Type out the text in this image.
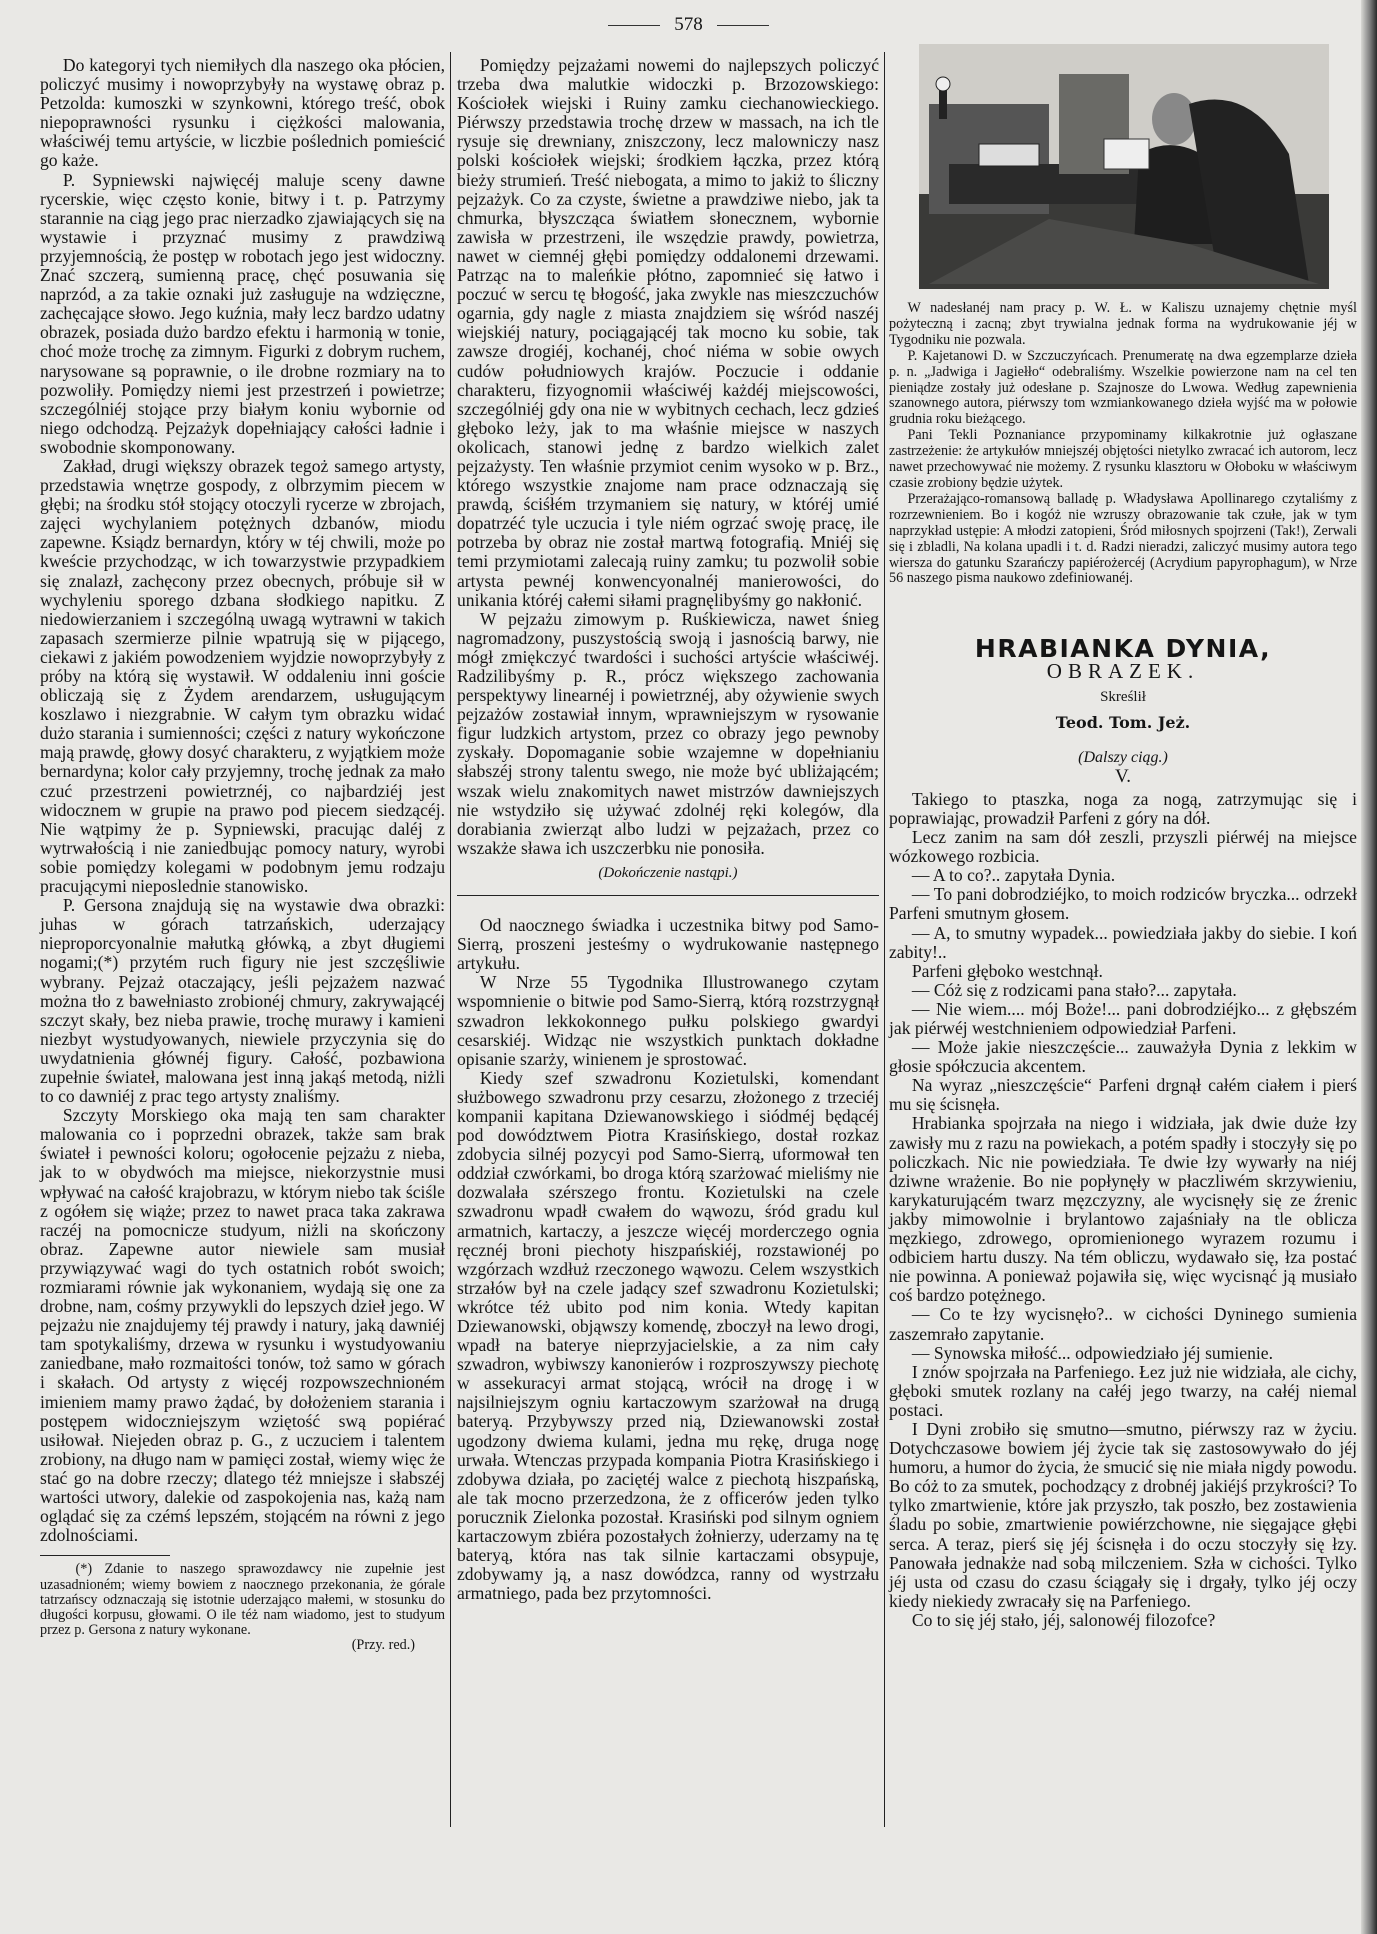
578

Do kategoryi tych niemiłych dla naszego oka płócien, policzyć musimy i nowoprzybyły na wystawę obraz p. Petzolda: kumoszki w szynkowni, którego treść, obok niepoprawności rysunku i ciężkości malowania, właściwéj temu artyście, w liczbie poślednich pomieścić go każe.

P. Sypniewski najwięcéj maluje sceny dawne rycerskie, więc często konie, bitwy i t. p. Patrzymy starannie na ciąg jego prac nierzadko zjawiających się na wystawie i przyznać musimy z prawdziwą przyjemnością, że postęp w robotach jego jest widoczny. Znać szczerą, sumienną pracę, chęć posuwania się naprzód, a za takie oznaki już zasługuje na wdzięczne, zachęcające słowo. Jego kuźnia, mały lecz bardzo udatny obrazek, posiada dużo bardzo efektu i harmonią w tonie, choć może trochę za zimnym. Figurki z dobrym ruchem, narysowane są poprawnie, o ile drobne rozmiary na to pozwoliły. Pomiędzy niemi jest przestrzeń i powietrze; szczególniéj stojące przy białym koniu wybornie od niego odchodzą. Pejzażyk dopełniający całości ładnie i swobodnie skomponowany.

Zakład, drugi większy obrazek tegoż samego artysty, przedstawia wnętrze gospody, z olbrzymim piecem w głębi; na środku stół stojący otoczyli rycerze w zbrojach, zajęci wychylaniem potężnych dzbanów, miodu zapewne. Ksiądz bernardyn, który w téj chwili, może po kweście przychodząc, w ich towarzystwie przypadkiem się znalazł, zachęcony przez obecnych, próbuje sił w wychyleniu sporego dzbana słodkiego napitku. Z niedowierzaniem i szczególną uwagą wytrawni w takich zapasach szermierze pilnie wpatrują się w pijącego, ciekawi z jakiém powodzeniem wyjdzie nowoprzybyły z próby na którą się wystawił. W oddaleniu inni goście obliczają się z Żydem arendarzem, usługującym koszlawo i niezgrabnie. W całym tym obrazku widać dużo starania i sumienności; części z natury wykończone mają prawdę, głowy dosyć charakteru, z wyjątkiem może bernardyna; kolor cały przyjemny, trochę jednak za mało czuć przestrzeni powietrznéj, co najbardziéj jest widocznem w grupie na prawo pod piecem siedzącéj. Nie wątpimy że p. Sypniewski, pracując daléj z wytrwałością i nie zaniedbując pomocy natury, wyrobi sobie pomiędzy kolegami w podobnym jemu rodzaju pracującymi nieposlednie stanowisko.

P. Gersona znajdują się na wystawie dwa obrazki: juhas w górach tatrzańskich, uderzający nieproporcyonalnie małutką główką, a zbyt długiemi nogami;(*) przytém ruch figury nie jest szczęśliwie wybrany. Pejzaż otaczający, jeśli pejzażem nazwać można tło z bawełniasto zrobionéj chmury, zakrywającéj szczyt skały, bez nieba prawie, trochę murawy i kamieni niezbyt wystudyowanych, niewiele przyczynia się do uwydatnienia głównéj figury. Całość, pozbawiona zupełnie świateł, malowana jest inną jakąś metodą, niżli to co dawniéj z prac tego artysty znaliśmy.

Szczyty Morskiego oka mają ten sam charakter malowania co i poprzedni obrazek, także sam brak świateł i pewności koloru; ogołocenie pejzażu z nieba, jak to w obydwóch ma miejsce, niekorzystnie musi wpływać na całość krajobrazu, w którym niebo tak ściśle z ogółem się wiąże; przez to nawet praca taka zakrawa raczéj na pomocnicze studyum, niżli na skończony obraz. Zapewne autor niewiele sam musiał przywiązywać wagi do tych ostatnich robót swoich; rozmiarami równie jak wykonaniem, wydają się one za drobne, nam, cośmy przywykli do lepszych dzieł jego. W pejzażu nie znajdujemy téj prawdy i natury, jaką dawniéj tam spotykaliśmy, drzewa w rysunku i wystudyowaniu zaniedbane, mało rozmaitości tonów, toż samo w górach i skałach. Od artysty z więcéj rozpowszechnioném imieniem mamy prawo żądać, by dołożeniem starania i postępem widoczniejszym wziętość swą popiérać usiłował. Niejeden obraz p. G., z uczuciem i talentem zrobiony, na długo nam w pamięci został, wiemy więc że stać go na dobre rzeczy; dlatego téż mniejsze i słabszéj wartości utwory, dalekie od zaspokojenia nas, każą nam oglądać się za czémś lepszém, stojącém na równi z jego zdolnościami.

(*) Zdanie to naszego sprawozdawcy nie zupełnie jest uzasadnioném; wiemy bowiem z naocznego przekonania, że górale tatrzańscy odznaczają się istotnie uderzająco małemi, w stosunku do długości korpusu, głowami. O ile téż nam wiadomo, jest to studyum przez p. Gersona z natury wykonane.

(Przy. red.)

Pomiędzy pejzażami nowemi do najlepszych policzyć trzeba dwa malutkie widoczki p. Brzozowskiego: Kościołek wiejski i Ruiny zamku ciechanowieckiego. Piérwszy przedstawia trochę drzew w massach, na ich tle rysuje się drewniany, zniszczony, lecz malowniczy nasz polski kościołek wiejski; środkiem łączka, przez którą bieży strumień. Treść niebogata, a mimo to jakiż to śliczny pejzażyk. Co za czyste, świetne a prawdziwe niebo, jak ta chmurka, błyszcząca światłem słonecznem, wybornie zawisła w przestrzeni, ile wszędzie prawdy, powietrza, nawet w ciemnéj głębi pomiędzy oddalonemi drzewami. Patrząc na to maleńkie płótno, zapomnieć się łatwo i poczuć w sercu tę błogość, jaka zwykle nas mieszczuchów ogarnia, gdy nagle z miasta znajdziem się wśród naszéj wiejskiéj natury, pociągającéj tak mocno ku sobie, tak zawsze drogiéj, kochanéj, choć niéma w sobie owych cudów południowych krajów. Poczucie i oddanie charakteru, fizyognomii właściwéj każdéj miejscowości, szczególniéj gdy ona nie w wybitnych cechach, lecz gdzieś głęboko leży, jak to ma właśnie miejsce w naszych okolicach, stanowi jednę z bardzo wielkich zalet pejzażysty. Ten właśnie przymiot cenim wysoko w p. Brz., którego wszystkie znajome nam prace odznaczają się prawdą, ściśłém trzymaniem się natury, w któréj umié dopatrzéć tyle uczucia i tyle niém ogrzać swoję pracę, ile potrzeba by obraz nie został martwą fotografią. Mniéj się temi przymiotami zalecają ruiny zamku; tu pozwolił sobie artysta pewnéj konwencyonalnéj manierowości, do unikania któréj całemi siłami pragnęlibyśmy go nakłonić.

W pejzażu zimowym p. Ruśkiewicza, nawet śnieg nagromadzony, puszystością swoją i jasnością barwy, nie mógł zmiękczyć twardości i suchości artyście właściwéj. Radzilibyśmy p. R., prócz większego zachowania perspektywy linearnéj i powietrznéj, aby ożywienie swych pejzażów zostawiał innym, wprawniejszym w rysowanie figur ludzkich artystom, przez co obrazy jego pewnoby zyskały. Dopomaganie sobie wzajemne w dopełnianiu słabszéj strony talentu swego, nie może być ubliżającém; wszak wielu znakomitych nawet mistrzów dawniejszych nie wstydziło się używać zdolnéj ręki kolegów, dla dorabiania zwierząt albo ludzi w pejzażach, przez co wszakże sława ich uszczerbku nie ponosiła.

(Dokończenie nastąpi.)

Od naocznego świadka i uczestnika bitwy pod Samo-Sierrą, proszeni jesteśmy o wydrukowanie następnego artykułu.

W Nrze 55 Tygodnika Illustrowanego czytam wspomnienie o bitwie pod Samo-Sierrą, którą rozstrzygnął szwadron lekkokonnego pułku polskiego gwardyi cesarskiéj. Widząc nie wszystkich punktach dokładne opisanie szarży, winienem je sprostować.

Kiedy szef szwadronu Kozietulski, komendant służbowego szwadronu przy cesarzu, złożonego z trzeciéj kompanii kapitana Dziewanowskiego i siódméj będącéj pod dowództwem Piotra Krasińskiego, dostał rozkaz zdobycia silnéj pozycyi pod Samo-Sierrą, uformował ten oddział czwórkami, bo droga którą szarżować mieliśmy nie dozwalała szérszego frontu. Kozietulski na czele szwadronu wpadł cwałem do wąwozu, śród gradu kul armatnich, kartaczy, a jeszcze więcéj morderczego ognia ręcznéj broni piechoty hiszpańskiéj, rozstawionéj po wzgórzach wzdłuż rzeczonego wąwozu. Celem wszystkich strzałów był na czele jadący szef szwadronu Kozietulski; wkrótce téż ubito pod nim konia. Wtedy kapitan Dziewanowski, objąwszy komendę, zboczył na lewo drogi, wpadł na baterye nieprzyjacielskie, a za nim cały szwadron, wybiwszy kanonierów i rozproszywszy piechotę w assekuracyi armat stojącą, wrócił na drogę i w najsilniejszym ogniu kartaczowym szarżował na drugą bateryą. Przybywszy przed nią, Dziewanowski został ugodzony dwiema kulami, jedna mu rękę, druga nogę urwała. Wtenczas przypada kompania Piotra Krasińskiego i zdobywa działa, po zaciętéj walce z piechotą hiszpańską, ale tak mocno przerzedzona, że z officerów jeden tylko porucznik Zielonka pozostał. Krasiński pod silnym ogniem kartaczowym zbiéra pozostałych żołnierzy, uderzamy na tę bateryą, która nas tak silnie kartaczami obsypuje, zdobywamy ją, a nasz dowódzca, ranny od wystrzału armatniego, pada bez przytomności.

W nadesłanéj nam pracy p. W. Ł. w Kaliszu uznajemy chętnie myśl pożyteczną i zacną; zbyt trywialna jednak forma na wydrukowanie jéj w Tygodniku nie pozwala.

P. Kajetanowi D. w Szczuczyńcach. Prenumeratę na dwa egzemplarze dzieła p. n. „Jadwiga i Jagiełło“ odebraliśmy. Wszelkie powierzone nam na cel ten pieniądze zostały już odesłane p. Szajnosze do Lwowa. Według zapewnienia szanownego autora, piérwszy tom wzmiankowanego dzieła wyjść ma w połowie grudnia roku bieżącego.

Pani Tekli Poznaniance przypominamy kilkakrotnie już ogłaszane zastrzeżenie: że artykułów mniejszéj objętości nietylko zwracać ich autorom, lecz nawet przechowywać nie możemy. Z rysunku klasztoru w Ołoboku w właściwym czasie zrobiony będzie użytek.

Przerażająco-romansową balladę p. Władysława Apollinarego czytaliśmy z rozrzewnieniem. Bo i kogóż nie wzruszy obrazowanie tak czułe, jak w tym naprzykład ustępie: A młodzi zatopieni, Śród miłosnych spojrzeni (Tak!), Zerwali się i zbladli, Na kolana upadli i t. d. Radzi nieradzi, zaliczyć musimy autora tego wiersza do gatunku Szarańczy papiérożercéj (Acrydium papyrophagum), w Nrze 56 naszego pisma naukowo zdefiniowanéj.

HRABIANKA DYNIA,
OBRAZEK.
Skreślił
Teod. Tom. Jeż.
(Dalszy ciąg.)
V.

Takiego to ptaszka, noga za nogą, zatrzymując się i poprawiając, prowadził Parfeni z góry na dół.

Lecz zanim na sam dół zeszli, przyszli piérwéj na miejsce wózkowego rozbicia.

— A to co?.. zapytała Dynia.

— To pani dobrodziéjko, to moich rodziców bryczka... odrzekł Parfeni smutnym głosem.

— A, to smutny wypadek... powiedziała jakby do siebie. I koń zabity!..

Parfeni głęboko westchnął.

— Cóż się z rodzicami pana stało?... zapytała.

— Nie wiem.... mój Boże!... pani dobrodziéjko... z głębszém jak piérwéj westchnieniem odpowiedział Parfeni.

— Może jakie nieszczęście... zauważyła Dynia z lekkim w głosie spółczucia akcentem.

Na wyraz „nieszczęście“ Parfeni drgnął całém ciałem i pierś mu się ścisnęła.

Hrabianka spojrzała na niego i widziała, jak dwie duże łzy zawisły mu z razu na powiekach, a potém spadły i stoczyły się po policzkach. Nic nie powiedziała. Te dwie łzy wywarły na niéj dziwne wrażenie. Bo nie popłynęły w płaczliwém skrzywieniu, karykaturującém twarz męzczyzny, ale wycisnęły się ze źrenic jakby mimowolnie i brylantowo zajaśniały na tle oblicza męzkiego, zdrowego, opromienionego wyrazem rozumu i odbiciem hartu duszy. Na tém obliczu, wydawało się, łza postać nie powinna. A ponieważ pojawiła się, więc wycisnąć ją musiało coś bardzo potężnego.

— Co te łzy wycisnęło?.. w cichości Dyninego sumienia zaszemrało zapytanie.

— Synowska miłość... odpowiedziało jéj sumienie.

I znów spojrzała na Parfeniego. Łez już nie widziała, ale cichy, głęboki smutek rozlany na całéj jego twarzy, na całéj niemal postaci.

I Dyni zrobiło się smutno—smutno, piérwszy raz w życiu. Dotychczasowe bowiem jéj życie tak się zastosowywało do jéj humoru, a humor do życia, że smucić się nie miała nigdy powodu. Bo cóż to za smutek, pochodzący z drobnéj jakiéjś przykrości? To tylko zmartwienie, które jak przyszło, tak poszło, bez zostawienia śladu po sobie, zmartwienie powiérzchowne, nie sięgające głębi serca. A teraz, pierś się jéj ścisnęła i do oczu stoczyły się łzy. Panowała jednakże nad sobą milczeniem. Szła w cichości. Tylko jéj usta od czasu do czasu ściągały się i drgały, tylko jéj oczy kiedy niekiedy zwracały się na Parfeniego.

Co to się jéj stało, jéj, salonowéj filozofce?
